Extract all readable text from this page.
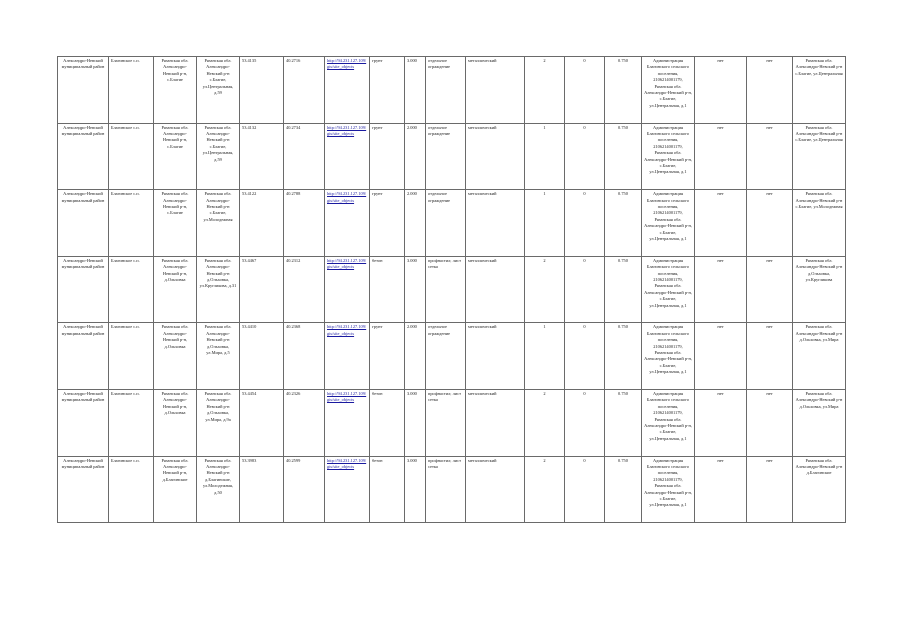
Александро-Невский муниципальный район	Благинское с.п.	Рязанская обл. Александро-Невский р-н, с.Благие	Рязанская обл. Александро-Невский р-н с.Благие, ул.Центральная, д.59	53.4135	40.2716	http://94.231.127.109/gis/site_objects	грунт	3.000	отдельное ограждение	металлический	2	0	0.750	Администрация Благинского сельского поселения, 2106214001179, Рязанская обл. Александро-Невский р-н, с.Благие, ул.Центральная, д.1	нет	нет	Рязанская обл. Александро-Невский р-н с.Благие, ул.Центральная
Александро-Невский муниципальный район	Благинское с.п.	Рязанская обл. Александро-Невский р-н, с.Благие	Рязанская обл. Александро-Невский р-н с.Благие, ул.Центральная, д.59	53.4132	40.2734	http://94.231.127.109/gis/site_objects	грунт	2.000	отдельное ограждение	металлический	1	0	0.750	Администрация Благинского сельского поселения, 2106214001179, Рязанская обл. Александро-Невский р-н, с.Благие, ул.Центральная, д.1	нет	нет	Рязанская обл. Александро-Невский р-н с.Благие, ул.Центральная
Александро-Невский муниципальный район	Благинское с.п.	Рязанская обл. Александро-Невский р-н, с.Благие	Рязанская обл. Александро-Невский р-н с.Благие, ул.Молодежная	53.4122	40.2788	http://94.231.127.109/gis/site_objects	грунт	2.000	отдельное ограждение	металлический	1	0	0.750	Администрация Благинского сельского поселения, 2106214001179, Рязанская обл. Александро-Невский р-н, с.Благие, ул.Центральная, д.1	нет	нет	Рязанская обл. Александро-Невский р-н с.Благие, ул.Молодежная
Александро-Невский муниципальный район	Благинское с.п.	Рязанская обл. Александро-Невский р-н, д.Ольховка	Рязанская обл. Александро-Невский р-н д.Ольховка, ул.Кругликова, д.31	53.4467	40.2312	http://94.231.127.109/gis/site_objects	бетон	3.000	профнастил; лист сетка	металлический	2	0	0.750	Администрация Благинского сельского поселения, 2106214001179, Рязанская обл. Александро-Невский р-н, с.Благие, ул.Центральная, д.1	нет	нет	Рязанская обл. Александро-Невский р-н д.Ольховка, ул.Кругликова
Александро-Невский муниципальный район	Благинское с.п.	Рязанская обл. Александро-Невский р-н, д.Ольховка	Рязанская обл. Александро-Невский р-н д.Ольховка, ул.Мира, д.5	53.4410	40.2368	http://94.231.127.109/gis/site_objects	грунт	2.000	отдельное ограждение	металлический	1	0	0.750	Администрация Благинского сельского поселения, 2106214001179, Рязанская обл. Александро-Невский р-н, с.Благие, ул.Центральная, д.1	нет	нет	Рязанская обл. Александро-Невский р-н д.Ольховка, ул.Мира
Александро-Невский муниципальный район	Благинское с.п.	Рязанская обл. Александро-Невский р-н, д.Ольховка	Рязанская обл. Александро-Невский р-н д.Ольховка, ул.Мира, д.9а	53.4454	40.2326	http://94.231.127.109/gis/site_objects	бетон	3.000	профнастил; лист сетка	металлический	2	0	0.750	Администрация Благинского сельского поселения, 2106214001179, Рязанская обл. Александро-Невский р-н, с.Благие, ул.Центральная, д.1	нет	нет	Рязанская обл. Александро-Невский р-н д.Ольховка, ул.Мира
Александро-Невский муниципальный район	Благинское с.п.	Рязанская обл. Александро-Невский р-н, д.Благинские	Рязанская обл. Александро-Невский р-н д.Благинские, ул.Молодежная, д.50	53.3983	40.2599	http://94.231.127.109/gis/site_objects	бетон	3.000	профнастил; лист сетка	металлический	2	0	0.750	Администрация Благинского сельского поселения, 2106214001179, Рязанская обл. Александро-Невский р-н, с.Благие, ул.Центральная, д.1	нет	нет	Рязанская обл. Александро-Невский р-н д.Благинские
